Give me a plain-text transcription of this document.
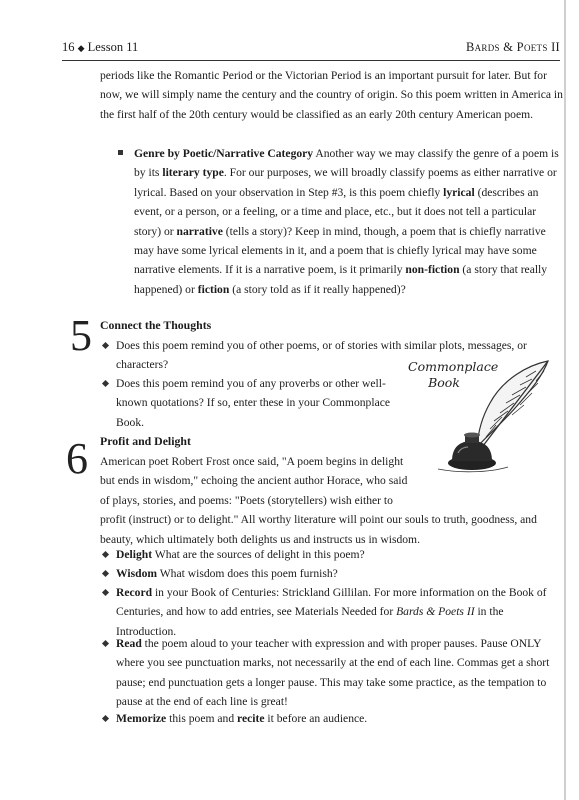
16 ◆ Lesson 11	Bards & Poets II

periods like the Romantic Period or the Victorian Period is an important pursuit for later. But for now, we will simply name the century and the country of origin. So this poem written in America in the first half of the 20th century would be classified as an early 20th century American poem.

Genre by Poetic/Narrative Category Another way we may classify the genre of a poem is by its literary type. For our purposes, we will broadly classify poems as either narrative or lyrical. Based on your observation in Step #3, is this poem chiefly lyrical (describes an event, or a person, or a feeling, or a time and place, etc., but it does not tell a particular story) or narrative (tells a story)? Keep in mind, though, a poem that is chiefly narrative may have some lyrical elements in it, and a poem that is chiefly lyrical may have some narrative elements. If it is a narrative poem, is it primarily non-fiction (a story that really happened) or fiction (a story told as if it really happened)?

5 Connect the Thoughts

Does this poem remind you of other poems, or of stories with similar plots, messages, or characters?

Does this poem remind you of any proverbs or other well-known quotations? If so, enter these in your Commonplace Book.

Commonplace
Book
6 Profit and Delight

American poet Robert Frost once said, "A poem begins in delight but ends in wisdom," echoing the ancient author Horace, who said of plays, stories, and poems: "Poets (storytellers) wish either to profit (instruct) or to delight." All worthy literature will point our souls to truth, goodness, and beauty, which ultimately both delights us and instructs us in wisdom.

Delight What are the sources of delight in this poem?

Wisdom What wisdom does this poem furnish?

Record in your Book of Centuries: Strickland Gillilan. For more information on the Book of Centuries, and how to add entries, see Materials Needed for Bards & Poets II in the Introduction.

Read the poem aloud to your teacher with expression and with proper pauses. Pause ONLY where you see punctuation marks, not necessarily at the end of each line. Commas get a short pause; end punctuation gets a longer pause. This may take some practice, as the tempation to pause at the end of each line is great!

Memorize this poem and recite it before an audience.
